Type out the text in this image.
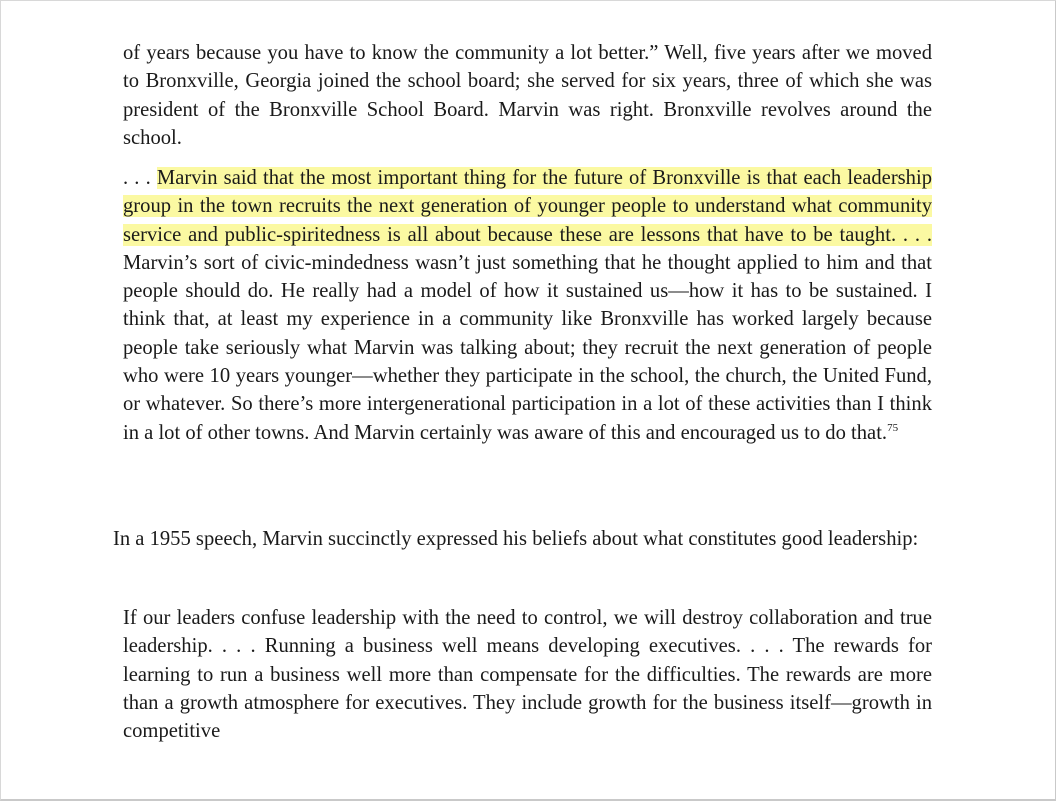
of years because you have to know the community a lot better.” Well, five years after we moved to Bronxville, Georgia joined the school board; she served for six years, three of which she was president of the Bronxville School Board. Marvin was right. Bronxville revolves around the school.
. . . Marvin said that the most important thing for the future of Bronxville is that each leadership group in the town recruits the next generation of younger people to understand what community service and public-spiritedness is all about because these are lessons that have to be taught. . . . Marvin’s sort of civic-mindedness wasn’t just something that he thought applied to him and that people should do. He really had a model of how it sustained us—how it has to be sustained. I think that, at least my experience in a community like Bronxville has worked largely because people take seriously what Marvin was talking about; they recruit the next generation of people who were 10 years younger—whether they participate in the school, the church, the United Fund, or whatever. So there’s more intergenerational participation in a lot of these activities than I think in a lot of other towns. And Marvin certainly was aware of this and encouraged us to do that.$^{75}$
In a 1955 speech, Marvin succinctly expressed his beliefs about what constitutes good leadership:
If our leaders confuse leadership with the need to control, we will destroy collaboration and true leadership. . . . Running a business well means developing executives. . . . The rewards for learning to run a business well more than compensate for the difficulties. The rewards are more than a growth atmosphere for executives. They include growth for the business itself—growth in competitive
